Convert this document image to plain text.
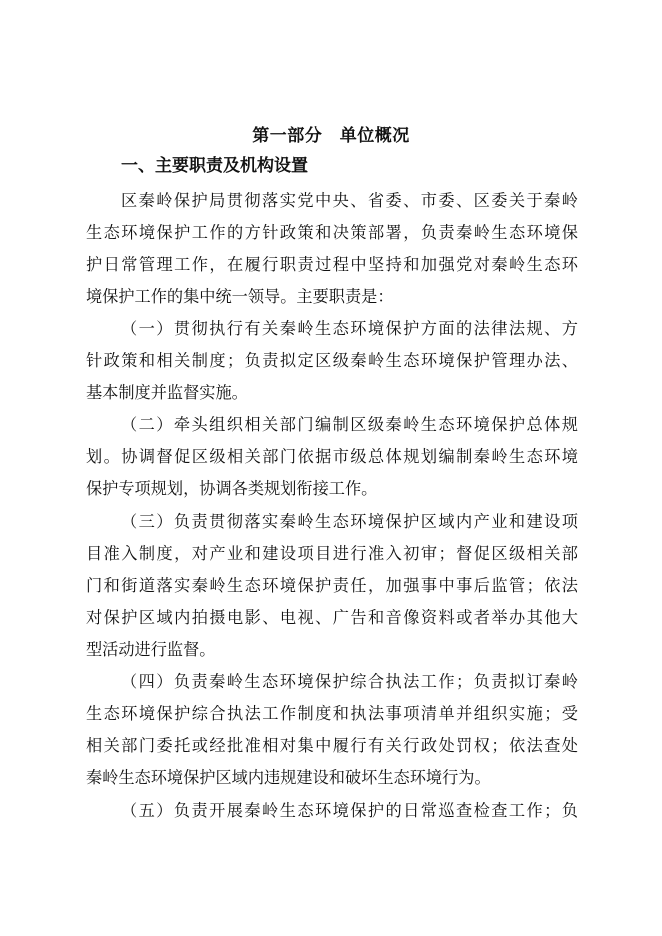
第一部分　单位概况
一、主要职责及机构设置
区秦岭保护局贯彻落实党中央、省委、市委、区委关于秦岭
生态环境保护工作的方针政策和决策部署，负责秦岭生态环境保
护日常管理工作，在履行职责过程中坚持和加强党对秦岭生态环
境保护工作的集中统一领导。主要职责是：
（一）贯彻执行有关秦岭生态环境保护方面的法律法规、方
针政策和相关制度；负责拟定区级秦岭生态环境保护管理办法、
基本制度并监督实施。
（二）牵头组织相关部门编制区级秦岭生态环境保护总体规
划。协调督促区级相关部门依据市级总体规划编制秦岭生态环境
保护专项规划，协调各类规划衔接工作。
（三）负责贯彻落实秦岭生态环境保护区域内产业和建设项
目准入制度，对产业和建设项目进行准入初审；督促区级相关部
门和街道落实秦岭生态环境保护责任，加强事中事后监管；依法
对保护区域内拍摄电影、电视、广告和音像资料或者举办其他大
型活动进行监督。
（四）负责秦岭生态环境保护综合执法工作；负责拟订秦岭
生态环境保护综合执法工作制度和执法事项清单并组织实施；受
相关部门委托或经批准相对集中履行有关行政处罚权；依法查处
秦岭生态环境保护区域内违规建设和破坏生态环境行为。
（五）负责开展秦岭生态环境保护的日常巡查检查工作；负
